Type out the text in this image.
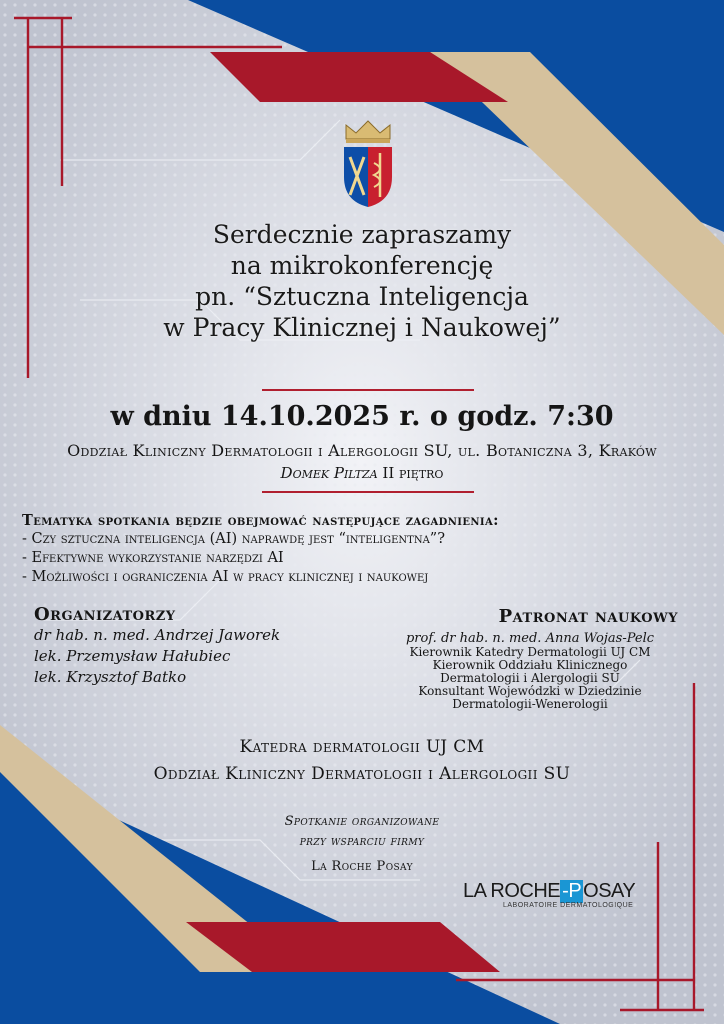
Serdecznie zapraszamy
na mikrokonferencję
pn. “Sztuczna Inteligencja
w Pracy Klinicznej i Naukowej”
w dniu 14.10.2025 r. o godz. 7:30
Oddział Kliniczny Dermatologii i Alergologii SU, ul. Botaniczna 3, Kraków
Domek Piltza II piętro
Tematyka spotkania będzie obejmować następujące zagadnienia:
- Czy sztuczna inteligencja (AI) naprawdę jest “inteligentna”?
- Efektywne wykorzystanie narzędzi AI
- Możliwości i ograniczenia AI w pracy klinicznej i naukowej
Organizatorzy
dr hab. n. med. Andrzej Jaworek
lek. Przemysław Hałubiec
lek. Krzysztof Batko
Patronat naukowy
prof. dr hab. n. med. Anna Wojas-Pelc
Kierownik Katedry Dermatologii UJ CM
Kierownik Oddziału Klinicznego
Dermatologii i Alergologii SU
Konsultant Wojewódzki w Dziedzinie
Dermatologii-Wenerologii
Katedra dermatologii UJ CM
Oddział Kliniczny Dermatologii i Alergologii SU
Spotkanie organizowane
przy wsparciu firmy
La Roche Posay
LA ROCHE -P OSAY
LABORATOIRE DERMATOLOGIQUE
